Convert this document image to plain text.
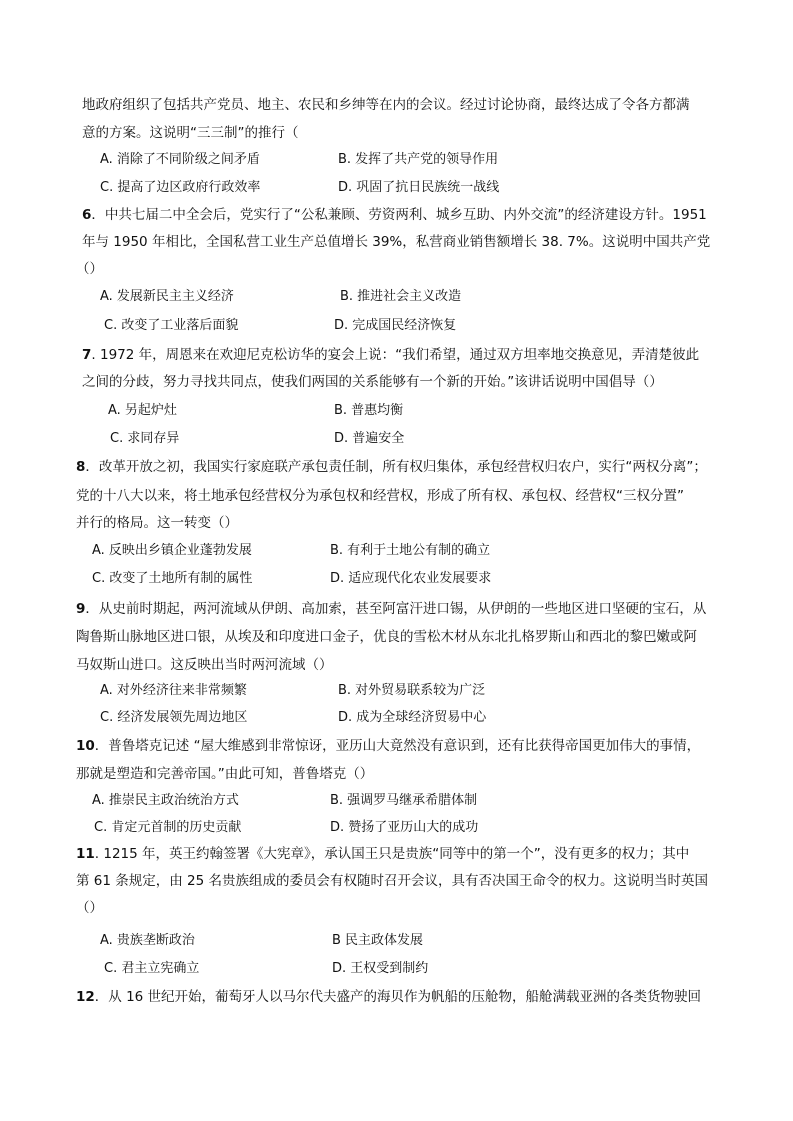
地政府组织了包括共产党员、地主、农民和乡绅等在内的会议。经过讨论协商，最终达成了令各方都满
意的方案。这说明“三三制”的推行（
A. 消除了不同阶级之间矛盾	B. 发挥了共产党的领导作用
C. 提高了边区政府行政效率	D. 巩固了抗日民族统一战线
6．中共七届二中全会后，党实行了“公私兼顾、劳资两利、城乡互助、内外交流”的经济建设方针。1951
年与 1950 年相比，全国私营工业生产总值增长 39%，私营商业销售额增长 38. 7%。这说明中国共产党
（）
A. 发展新民主主义经济	B. 推进社会主义改造
C. 改变了工业落后面貌	D. 完成国民经济恢复
7. 1972 年，周恩来在欢迎尼克松访华的宴会上说：“我们希望，通过双方坦率地交换意见，弄清楚彼此
之间的分歧，努力寻找共同点，使我们两国的关系能够有一个新的开始。”该讲话说明中国倡导（）
A. 另起炉灶	B. 普惠均衡
C. 求同存异	D. 普遍安全
8．改革开放之初，我国实行家庭联产承包责任制，所有权归集体，承包经营权归农户，实行“两权分离”；
党的十八大以来，将土地承包经营权分为承包权和经营权，形成了所有权、承包权、经营权“三权分置”
并行的格局。这一转变（）
A. 反映出乡镇企业蓬勃发展	B. 有利于土地公有制的确立
C. 改变了土地所有制的属性	D. 适应现代化农业发展要求
9．从史前时期起，两河流域从伊朗、高加索，甚至阿富汗进口锡，从伊朗的一些地区进口坚硬的宝石，从
陶鲁斯山脉地区进口银，从埃及和印度进口金子，优良的雪松木材从东北扎格罗斯山和西北的黎巴嫩或阿
马奴斯山进口。这反映出当时两河流域（）
A. 对外经济往来非常频繁	B. 对外贸易联系较为广泛
C. 经济发展领先周边地区	D. 成为全球经济贸易中心
10．普鲁塔克记述 “屋大维感到非常惊讶，亚历山大竟然没有意识到，还有比获得帝国更加伟大的事情，
那就是塑造和完善帝国。”由此可知，普鲁塔克（）
A. 推崇民主政治统治方式	B. 强调罗马继承希腊体制
C. 肯定元首制的历史贡献	D. 赞扬了亚历山大的成功
11. 1215 年，英王约翰签署《大宪章》，承认国王只是贵族“同等中的第一个”，没有更多的权力；其中
第 61 条规定，由 25 名贵族组成的委员会有权随时召开会议，具有否决国王命令的权力。这说明当时英国
（）
A. 贵族垄断政治	B 民主政体发展
C. 君主立宪确立	D. 王权受到制约
12．从 16 世纪开始，葡萄牙人以马尔代夫盛产的海贝作为帆船的压舱物，船舱满载亚洲的各类货物驶回
